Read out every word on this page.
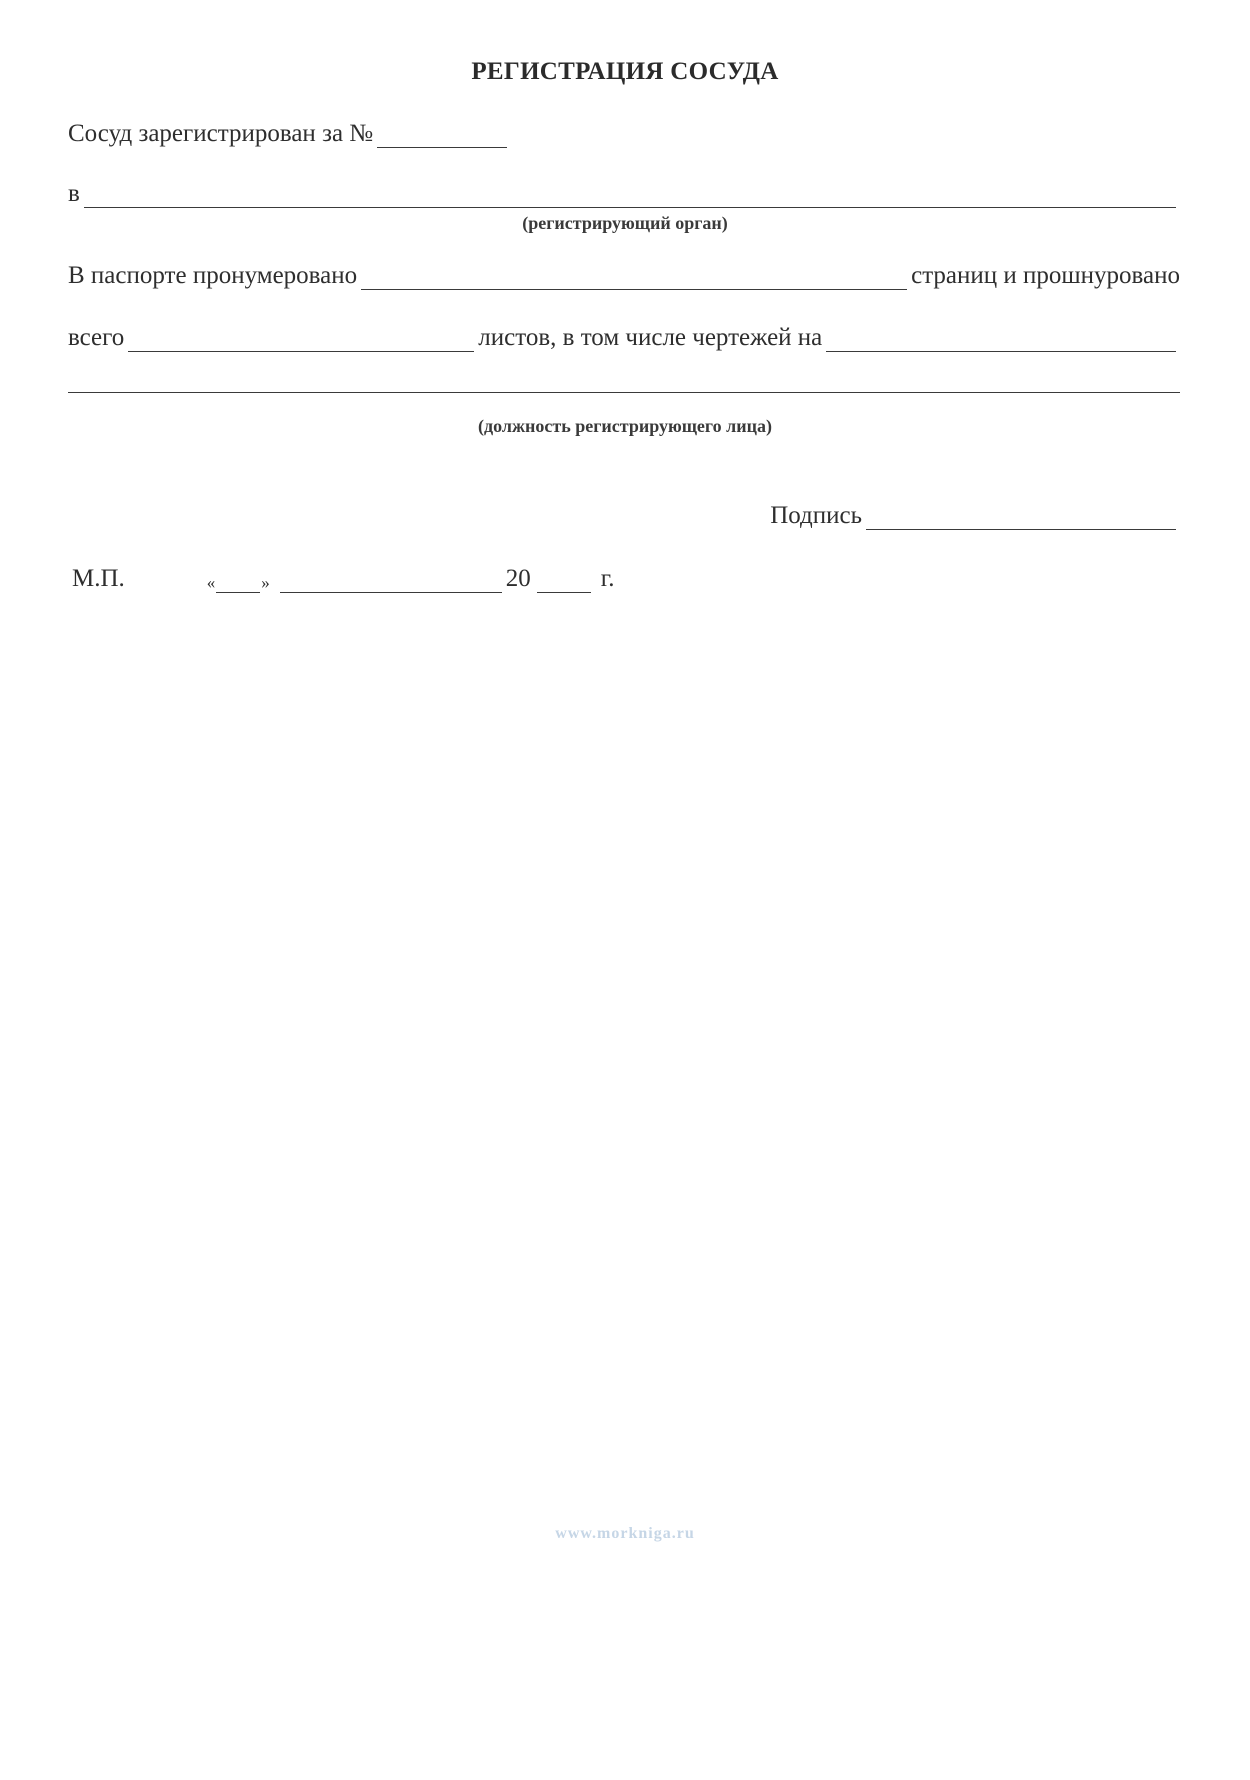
РЕГИСТРАЦИЯ СОСУДА
Сосуд зарегистрирован за №
в
(регистрирующий орган)
В паспорте пронумеровано	страниц и прошнуровано
всего	листов, в том числе чертежей на
(должность регистрирующего лица)
Подпись
М.П.	«	»	20	г.
www.morkniga.ru
